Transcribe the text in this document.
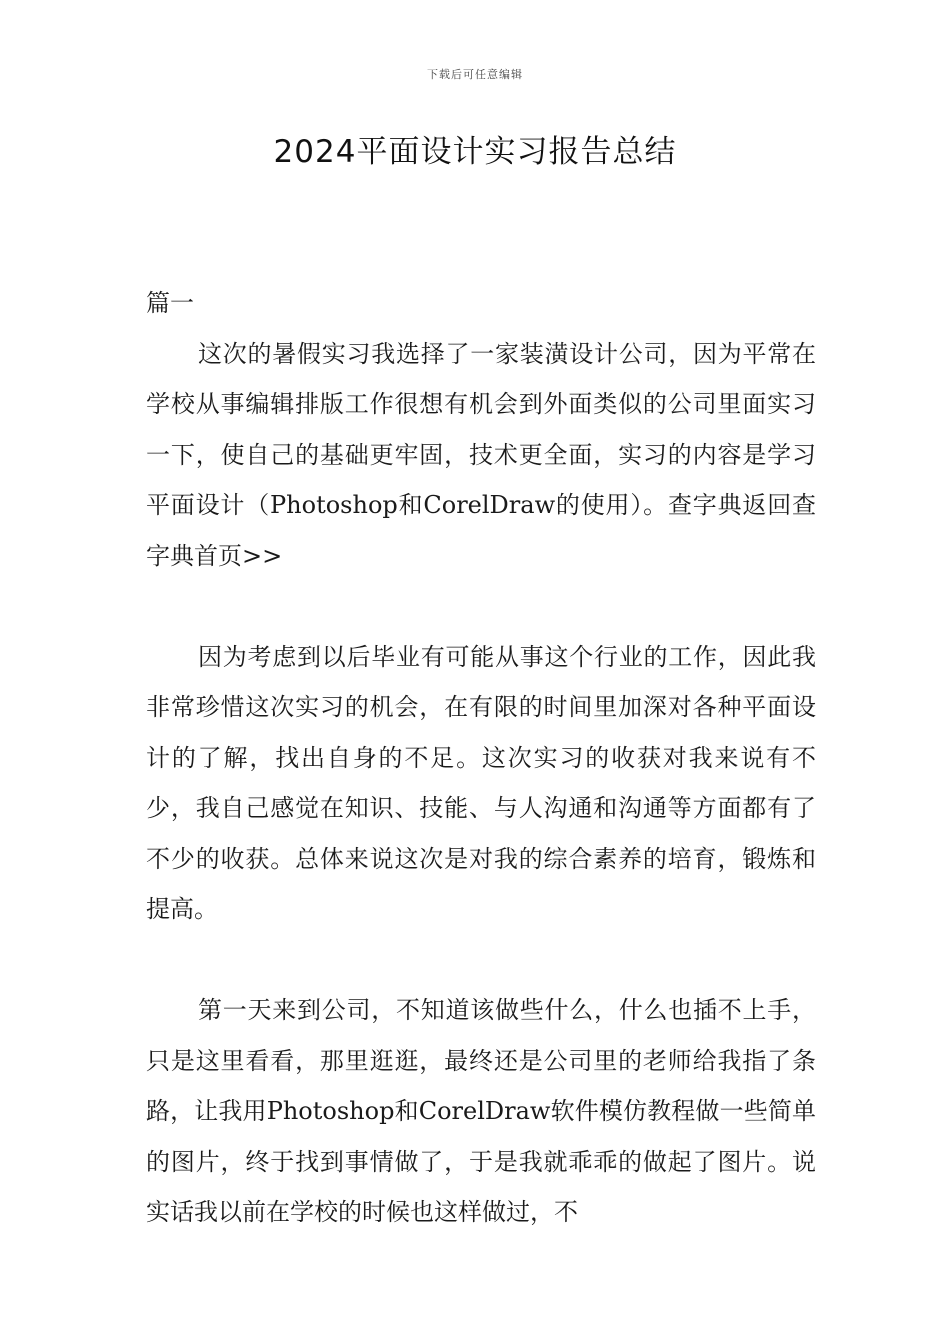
下载后可任意编辑
2024平面设计实习报告总结

篇一

这次的暑假实习我选择了一家装潢设计公司，因为平常在学校从事编辑排版工作很想有机会到外面类似的公司里面实习一下，使自己的基础更牢固，技术更全面，实习的内容是学习平面设计（Photoshop和CorelDraw的使用）。查字典返回查字典首页>>

因为考虑到以后毕业有可能从事这个行业的工作，因此我非常珍惜这次实习的机会，在有限的时间里加深对各种平面设计的了解，找出自身的不足。这次实习的收获对我来说有不少，我自己感觉在知识、技能、与人沟通和沟通等方面都有了不少的收获。总体来说这次是对我的综合素养的培育，锻炼和提高。

第一天来到公司，不知道该做些什么，什么也插不上手，只是这里看看，那里逛逛，最终还是公司里的老师给我指了条路，让我用Photoshop和CorelDraw软件模仿教程做一些简单的图片，终于找到事情做了，于是我就乖乖的做起了图片。说实话我以前在学校的时候也这样做过，不
